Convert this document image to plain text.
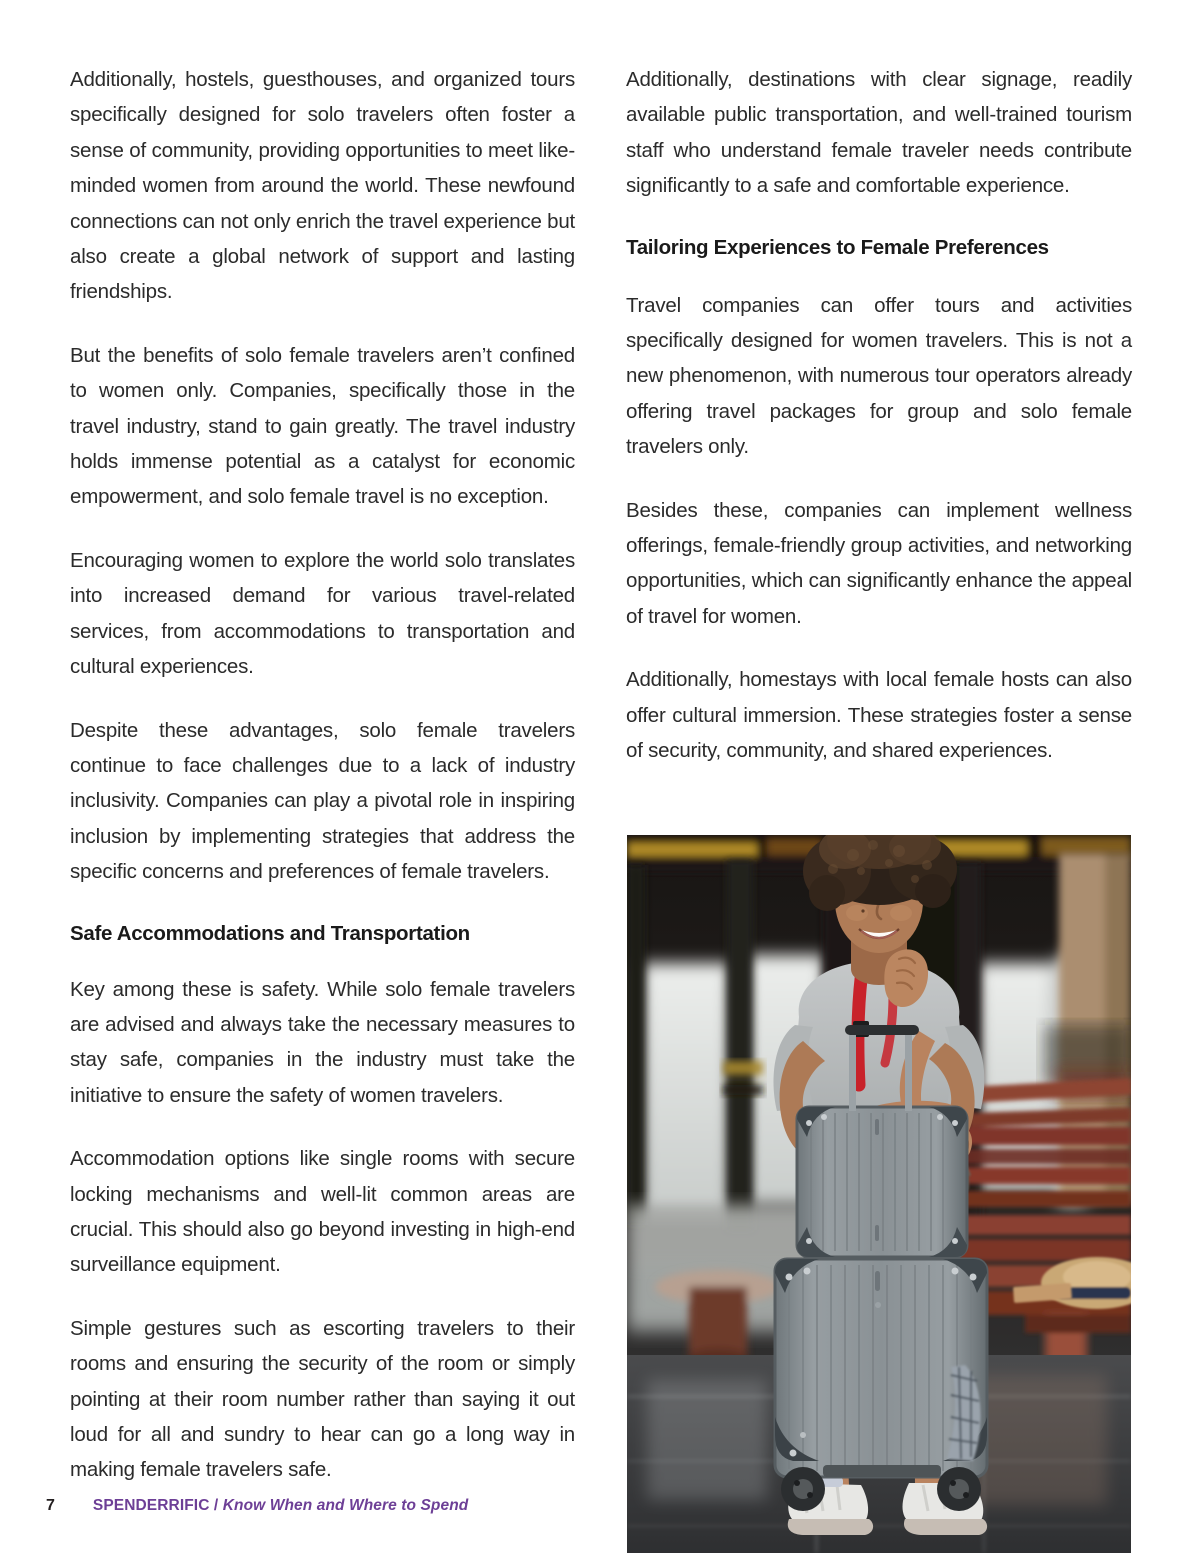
Additionally, hostels, guesthouses, and organized tours specifically designed for solo travelers often foster a sense of community, providing opportunities to meet like-minded women from around the world. These newfound connections can not only enrich the travel experience but also create a global network of support and lasting friendships.

But the benefits of solo female travelers aren’t confined to women only. Companies, specifically those in the travel industry, stand to gain greatly. The travel industry holds immense potential as a catalyst for economic empowerment, and solo female travel is no exception.

Encouraging women to explore the world solo translates into increased demand for various travel-related services, from accommodations to transportation and cultural experiences.

Despite these advantages, solo female travelers continue to face challenges due to a lack of industry inclusivity. Companies can play a pivotal role in inspiring inclusion by implementing strategies that address the specific concerns and preferences of female travelers.

Safe Accommodations and Transportation

Key among these is safety. While solo female travelers are advised and always take the necessary measures to stay safe, companies in the industry must take the initiative to ensure the safety of women travelers.

Accommodation options like single rooms with secure locking mechanisms and well-lit common areas are crucial. This should also go beyond investing in high-end surveillance equipment.

Simple gestures such as escorting travelers to their rooms and ensuring the security of the room or simply pointing at their room number rather than saying it out loud for all and sundry to hear can go a long way in making female travelers safe.

Additionally, destinations with clear signage, readily available public transportation, and well-trained tourism staff who understand female traveler needs contribute significantly to a safe and comfortable experience.

Tailoring Experiences to Female Preferences

Travel companies can offer tours and activities specifically designed for women travelers. This is not a new phenomenon, with numerous tour operators already offering travel packages for group and solo female travelers only.

Besides these, companies can implement wellness offerings, female-friendly group activities, and networking opportunities, which can significantly enhance the appeal of travel for women.

Additionally, homestays with local female hosts can also offer cultural immersion. These strategies foster a sense of security, community, and shared experiences.

7 SPENDERRIFIC / Know When and Where to Spend
